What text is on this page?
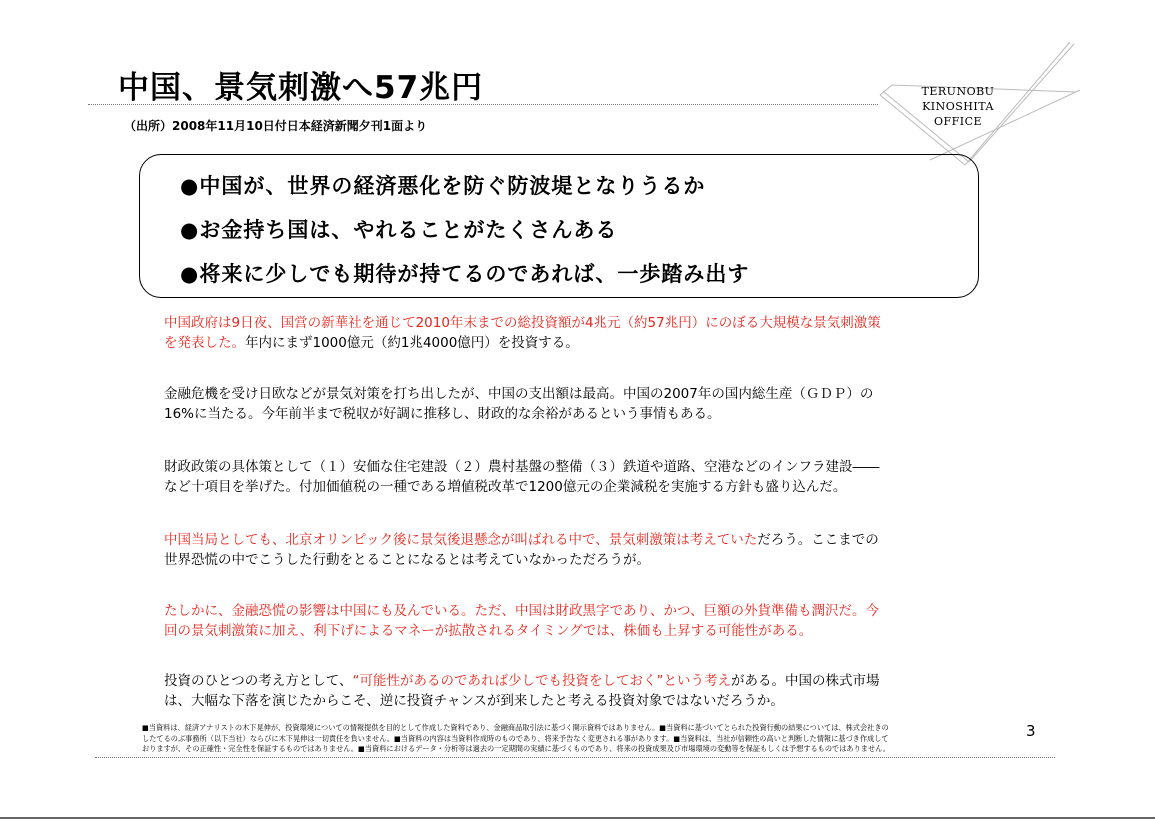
中国、景気刺激へ57兆円
（出所）2008年11月10日付日本経済新聞夕刊1面より
TERUNOBU
KINOSHITA
OFFICE
●中国が、世界の経済悪化を防ぐ防波堤となりうるか
●お金持ち国は、やれることがたくさんある
●将来に少しでも期待が持てるのであれば、一歩踏み出す
中国政府は9日夜、国営の新華社を通じて2010年末までの総投資額が4兆元（約57兆円）にのぼる大規模な景気刺激策
を発表した。年内にまず1000億元（約1兆4000億円）を投資する。
金融危機を受け日欧などが景気対策を打ち出したが、中国の支出額は最高。中国の2007年の国内総生産（ＧＤＰ）の
16%に当たる。今年前半まで税収が好調に推移し、財政的な余裕があるという事情もある。
財政政策の具体策として（１）安価な住宅建設（２）農村基盤の整備（３）鉄道や道路、空港などのインフラ建設――
など十項目を挙げた。付加価値税の一種である増値税改革で1200億元の企業減税を実施する方針も盛り込んだ。
中国当局としても、北京オリンピック後に景気後退懸念が叫ばれる中で、景気刺激策は考えていただろう。ここまでの
世界恐慌の中でこうした行動をとることになるとは考えていなかっただろうが。
たしかに、金融恐慌の影響は中国にも及んでいる。ただ、中国は財政黒字であり、かつ、巨額の外貨準備も潤沢だ。今
回の景気刺激策に加え、利下げによるマネーが拡散されるタイミングでは、株価も上昇する可能性がある。
投資のひとつの考え方として、“可能性があるのであれば少しでも投資をしておく”という考えがある。中国の株式市場
は、大幅な下落を演じたからこそ、逆に投資チャンスが到来したと考える投資対象ではないだろうか。
■当資料は、経済アナリストの木下晃伸が、投資環境についての情報提供を目的として作成した資料であり、金融商品取引法に基づく開示資料ではありません。■当資料に基づいてとられた投資行動の結果については、株式会社きの
したてるのぶ事務所（以下当社）ならびに木下晃伸は一切責任を負いません。■当資料の内容は当資料作成時のものであり、将来予告なく変更される事があります。■当資料は、当社が信頼性の高いと判断した情報に基づき作成して
おりますが、その正確性・完全性を保証するものではありません。■当資料におけるデータ・分析等は過去の一定期間の実績に基づくものであり、将来の投資成果及び市場環境の変動等を保証もしくは予想するものではありません。
3
